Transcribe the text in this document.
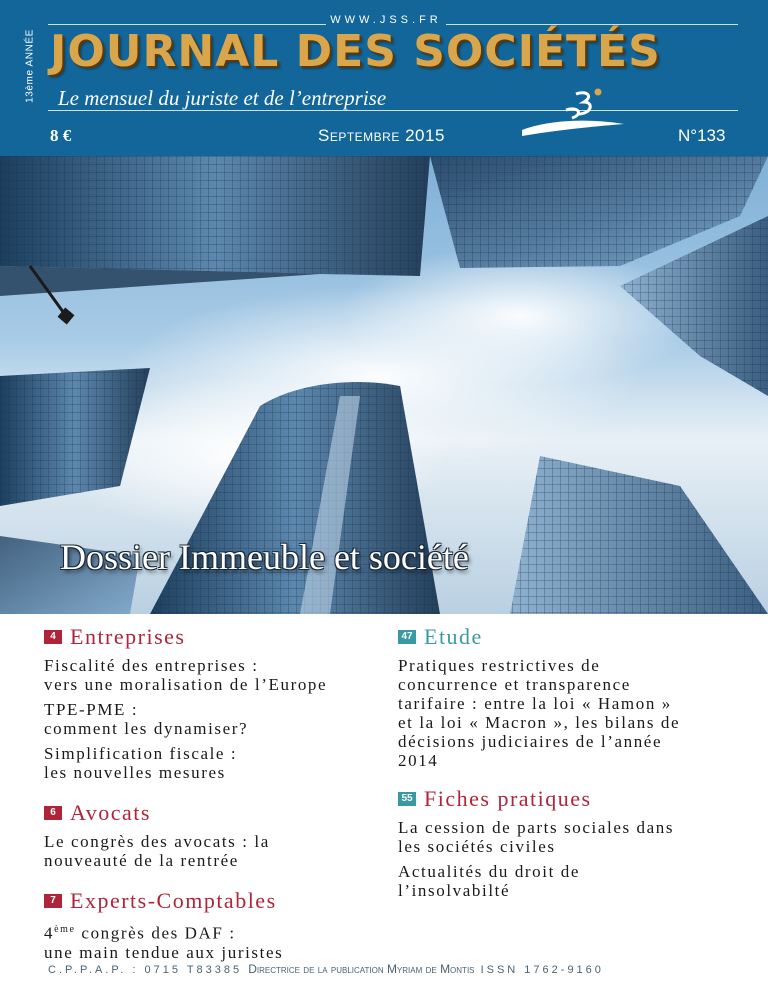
13ème ANNÉE
WWW.JSS.FR
JOURNAL DES SOCIÉTÉS
Le mensuel du juriste et de l’entreprise
8 €	Septembre 2015	N°133
Dossier Immeuble et société
4 Entreprises
Fiscalité des entreprises :
vers une moralisation de l’Europe
TPE-PME :
comment les dynamiser?
Simplification fiscale :
les nouvelles mesures
6 Avocats
Le congrès des avocats : la
nouveauté de la rentrée
7 Experts-Comptables
4ème congrès des DAF :
une main tendue aux juristes
47 Etude
Pratiques restrictives de
concurrence et transparence
tarifaire : entre la loi « Hamon »
et la loi « Macron », les bilans de
décisions judiciaires de l’année
2014
55 Fiches pratiques
La cession de parts sociales dans
les sociétés civiles
Actualités du droit de
l’insolvabilté
C.P.P.A.P. : 0715 T83385 Directrice de la publication Myriam de Montis ISSN 1762-9160
